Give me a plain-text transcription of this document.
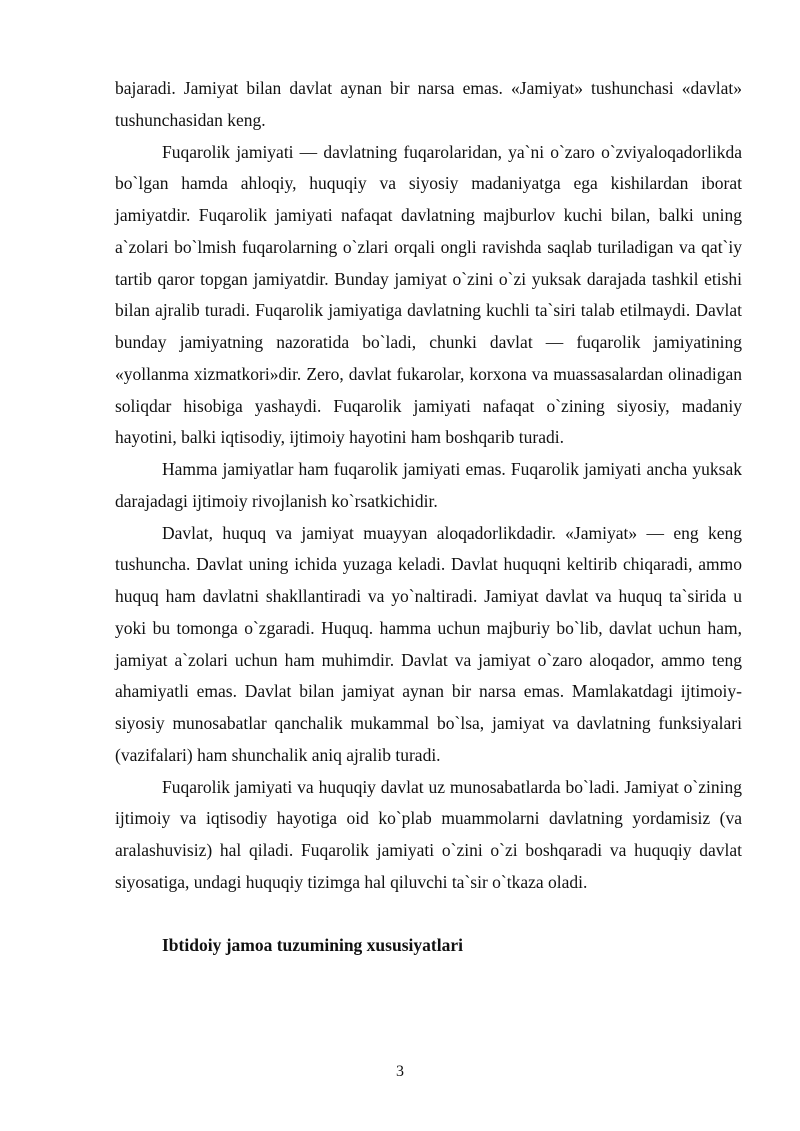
bajaradi. Jamiyat bilan davlat aynan bir narsa emas. «Jamiyat» tushunchasi «davlat» tushunchasidan keng.

Fuqarolik jamiyati — davlatning fuqarolaridan, ya`ni o`zaro o`zviyaloqadorlikda bo`lgan hamda ahloqiy, huquqiy va siyosiy madaniyatga ega kishilardan iborat jamiyatdir. Fuqarolik jamiyati nafaqat davlatning majburlov kuchi bilan, balki uning a`zolari bo`lmish fuqarolarning o`zlari orqali ongli ravishda saqlab turiladigan va qat`iy tartib qaror topgan jamiyatdir. Bunday jamiyat o`zini o`zi yuksak darajada tashkil etishi bilan ajralib turadi. Fuqarolik jamiyatiga davlatning kuchli ta`siri talab etilmaydi. Davlat bunday jamiyatning nazoratida bo`ladi, chunki davlat — fuqarolik jamiyatining «yollanma xizmatkori»dir. Zero, davlat fukarolar, korxona va muassasalardan olinadigan soliqdar hisobiga yashaydi. Fuqarolik jamiyati nafaqat o`zining siyosiy, madaniy hayotini, balki iqtisodiy, ijtimoiy hayotini ham boshqarib turadi.

Hamma jamiyatlar ham fuqarolik jamiyati emas. Fuqarolik jamiyati ancha yuksak darajadagi ijtimoiy rivojlanish ko`rsatkichidir.

Davlat, huquq va jamiyat muayyan aloqadorlikdadir. «Jamiyat» — eng keng tushuncha. Davlat uning ichida yuzaga keladi. Davlat huquqni keltirib chiqaradi, ammo huquq ham davlatni shakllantiradi va yo`naltiradi. Jamiyat davlat va huquq ta`sirida u yoki bu tomonga o`zgaradi. Huquq. hamma uchun majburiy bo`lib, davlat uchun ham, jamiyat a`zolari uchun ham muhimdir. Davlat va jamiyat o`zaro aloqador, ammo teng ahamiyatli emas. Davlat bilan jamiyat aynan bir narsa emas. Mamlakatdagi ijtimoiy-siyosiy munosabatlar qanchalik mukammal bo`lsa, jamiyat va davlatning funksiyalari (vazifalari) ham shunchalik aniq ajralib turadi.

Fuqarolik jamiyati va huquqiy davlat uz munosabatlarda bo`ladi. Jamiyat o`zining ijtimoiy va iqtisodiy hayotiga oid ko`plab muammolarni davlatning yordamisiz (va aralashuvisiz) hal qiladi. Fuqarolik jamiyati o`zini o`zi boshqaradi va huquqiy davlat siyosatiga, undagi huquqiy tizimga hal qiluvchi ta`sir o`tkaza oladi.

Ibtidoiy jamoa tuzumining xususiyatlari

3
